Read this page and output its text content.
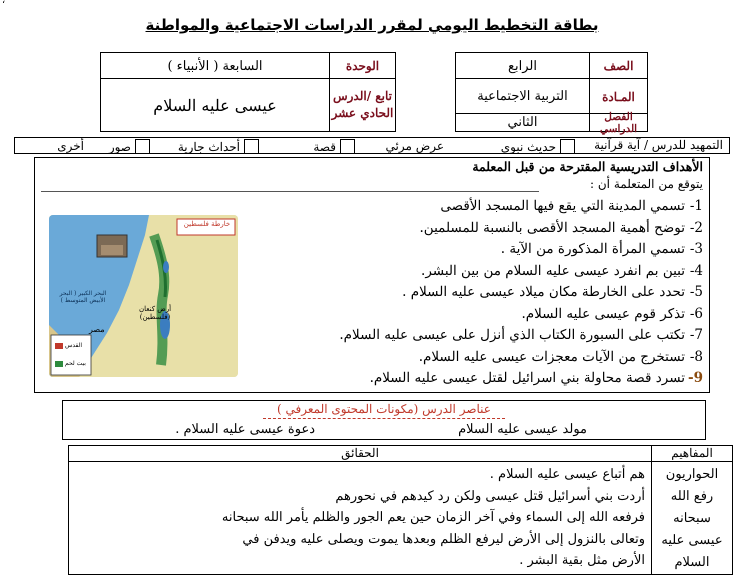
‘
بطاقة التخطيط اليومي لمقرر الدراسات الاجتماعية والمواطنة
الصف
الرابع
المـادة
التربية الاجتماعية
الفصل الدراسي
الثاني
الوحدة
السابعة ( الأنبياء )
تابع /الدرس الحادي عشر
عيسى عليه السلام
التمهيد للدرس / آية قرآنية
حديث نبوي
عرض مرئي
قصة
أحداث جارية
صور
أخرى
الأهداف التدريسية المقترحة من قبل المعلمة
يتوقع من المتعلمة أن :
1-تسمي المدينة التي يقع فيها المسجد الأقصى
2-توضح أهمية المسجد الأقصى بالنسبة للمسلمين.
3-تسمي المرأة المذكورة من الآية .
4-تبين بم انفرد عيسى عليه السلام من بين البشر.
5-تحدد على الخارطة مكان ميلاد عيسى عليه السلام .
6-تذكر قوم عيسى عليه السلام.
7-تكتب على السبورة الكتاب الذي أنزل على عيسى عليه السلام.
8-تستخرج من الآيات معجزات عيسى عليه السلام.
9-تسرد قصة محاولة بني اسرائيل لقتل عيسى عليه السلام.
خارطة فلسطين
البحر الكبير ( البحر الأبيض المتوسط )
أرض كنعان (فلسطين)
مصر
القدس
بيت لحم
عناصر الدرس (مكونات المحتوى المعرفي )
مولد عيسى عليه السلام
دعوة عيسى عليه السلام .
المفاهيم
الحقائق
الحواريون
رفع الله سبحانه
عيسى عليه
السلام
هم أتباع عيسى عليه السلام .
أردت بني أسرائيل قتل عيسى ولكن رد كيدهم في نحورهم
فرفعه الله إلى السماء وفي آخر الزمان حين يعم الجور والظلم يأمر الله سبحانه
وتعالى بالنزول إلى الأرض ليرفع الظلم وبعدها يموت ويصلى عليه ويدفن في
الأرض مثل بقية البشر .
